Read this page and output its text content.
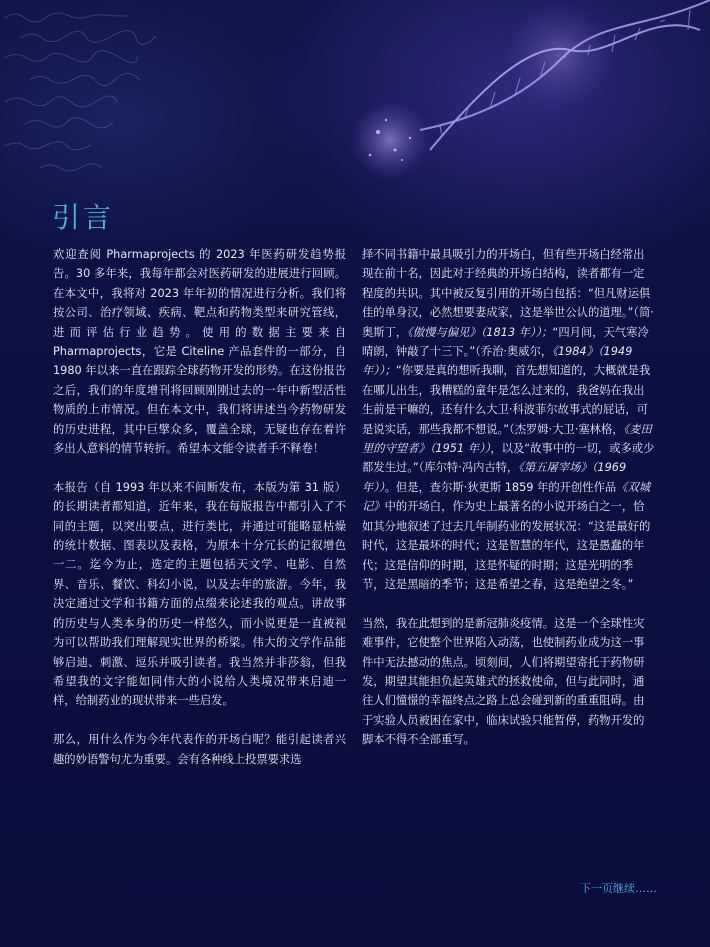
引言

欢迎查阅 Pharmaprojects 的 2023 年医药研发趋势报告。30 多年来，我每年都会对医药研发的进展进行回顾。在本文中，我将对 2023 年年初的情况进行分析。我们将按公司、治疗领域、疾病、靶点和药物类型来研究管线，进而评估行业趋势。使用的数据主要来自 Pharmaprojects，它是 Citeline 产品套件的一部分，自 1980 年以来一直在跟踪全球药物开发的形势。在这份报告之后，我们的年度增刊将回顾刚刚过去的一年中新型活性物质的上市情况。但在本文中，我们将讲述当今药物研发的历史进程，其中巨擘众多，覆盖全球，无疑也存在着许多出人意料的情节转折。希望本文能令读者手不释卷！

本报告（自 1993 年以来不间断发布，本版为第 31 版）的长期读者都知道，近年来，我在每版报告中都引入了不同的主题，以突出要点，进行类比，并通过可能略显枯燥的统计数据、图表以及表格，为原本十分冗长的记叙增色一二。迄今为止，选定的主题包括天文学、电影、自然界、音乐、餐饮、科幻小说，以及去年的旅游。今年，我决定通过文学和书籍方面的点缀来论述我的观点。讲故事的历史与人类本身的历史一样悠久，而小说更是一直被视为可以帮助我们理解现实世界的桥梁。伟大的文学作品能够启迪、刺激、逗乐并吸引读者。我当然并非莎翁，但我希望我的文字能如同伟大的小说给人类境况带来启迪一样，给制药业的现状带来一些启发。

那么，用什么作为今年代表作的开场白呢？能引起读者兴趣的妙语警句尤为重要。会有各种线上投票要求选

择不同书籍中最具吸引力的开场白，但有些开场白经常出现在前十名，因此对于经典的开场白结构，读者都有一定程度的共识。其中被反复引用的开场白包括：“但凡财运俱佳的单身汉，必然想要妻成家，这是举世公认的道理。”（简·奥斯丁，《傲慢与偏见》（1813 年））；“四月间，天气寒冷晴朗，钟敲了十三下。”（乔治·奥威尔，《1984》（1949 年））；“你要是真的想听我聊，首先想知道的，大概就是我在哪儿出生，我糟糕的童年是怎么过来的，我爸妈在我出生前是干嘛的，还有什么大卫·科波菲尔故事式的屁话，可是说实话，那些我都不想说。”（杰罗姆·大卫·塞林格，《麦田里的守望者》（1951 年）），以及“故事中的一切，或多或少都发生过。”（库尔特·冯内古特，《第五屠宰场》（1969 年））。但是，查尔斯·狄更斯 1859 年的开创性作品《双城记》中的开场白，作为史上最著名的小说开场白之一，恰如其分地叙述了过去几年制药业的发展状况：“这是最好的时代，这是最坏的时代；这是智慧的年代，这是愚蠢的年代；这是信仰的时期，这是怀疑的时期；这是光明的季节，这是黑暗的季节；这是希望之春，这是绝望之冬。”

当然，我在此想到的是新冠肺炎疫情。这是一个全球性灾难事件，它使整个世界陷入动荡，也使制药业成为这一事件中无法撼动的焦点。顷刻间，人们将期望寄托于药物研发，期望其能担负起英雄式的拯救使命，但与此同时，通往人们憧憬的幸福终点之路上总会碰到新的重重阻碍。由于实验人员被困在家中，临床试验只能暂停，药物开发的脚本不得不全部重写。

下一页继续……
